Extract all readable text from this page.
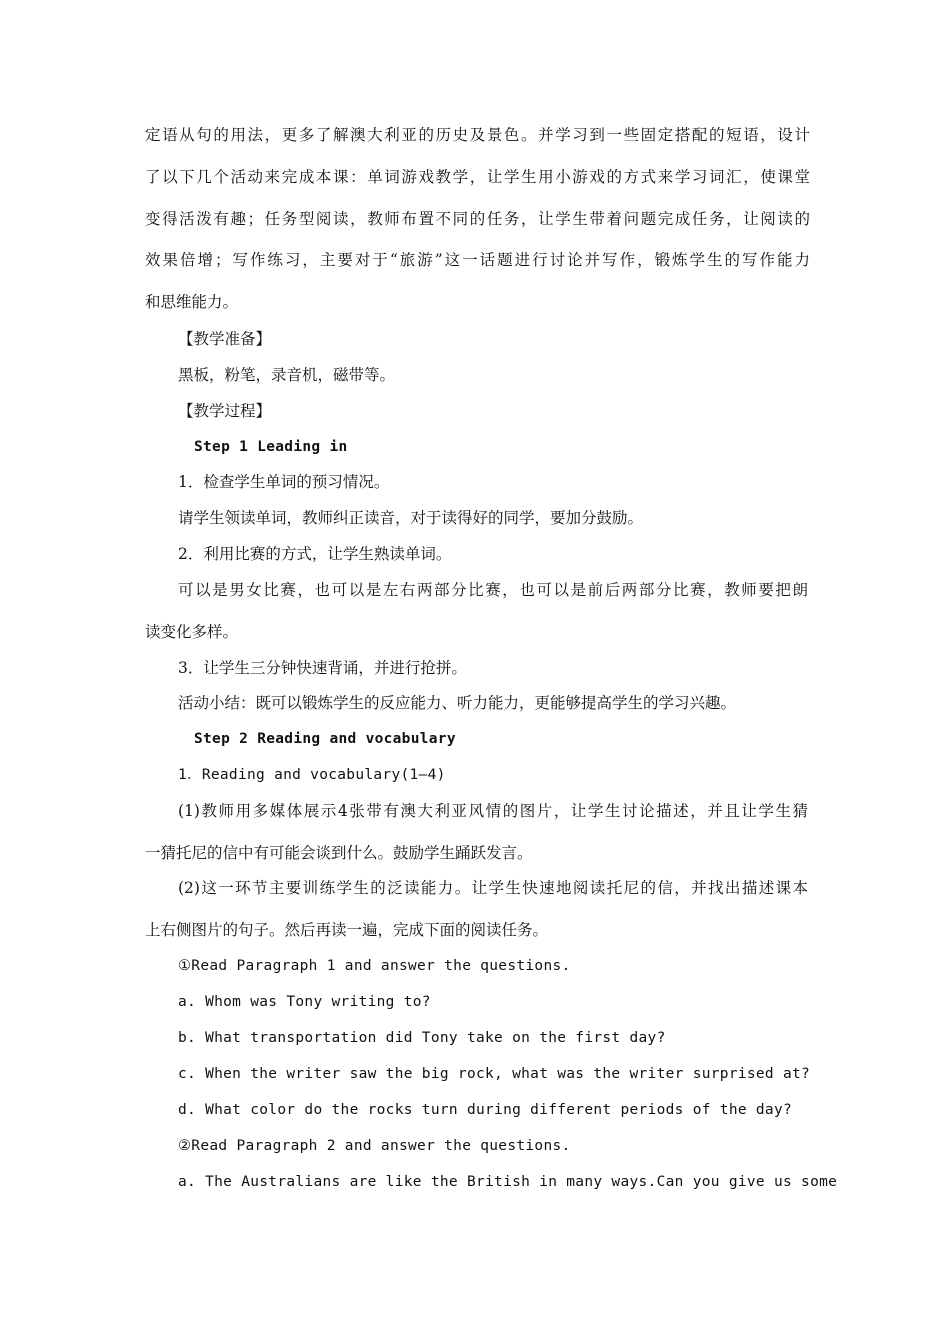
定语从句的用法，更多了解澳大利亚的历史及景色。并学习到一些固定搭配的短语，设计
了以下几个活动来完成本课：单词游戏教学，让学生用小游戏的方式来学习词汇，使课堂
变得活泼有趣；任务型阅读，教师布置不同的任务，让学生带着问题完成任务，让阅读的
效果倍增；写作练习，主要对于“旅游”这一话题进行讨论并写作，锻炼学生的写作能力
和思维能力。
【教学准备】
黑板，粉笔，录音机，磁带等。
【教学过程】
Step 1 Leading in
1．检查学生单词的预习情况。
请学生领读单词，教师纠正读音，对于读得好的同学，要加分鼓励。
2．利用比赛的方式，让学生熟读单词。
可以是男女比赛，也可以是左右两部分比赛，也可以是前后两部分比赛，教师要把朗
读变化多样。
3．让学生三分钟快速背诵，并进行抢拼。
活动小结：既可以锻炼学生的反应能力、听力能力，更能够提高学生的学习兴趣。
Step 2 Reading and vocabulary
1．Reading and vocabulary(1—4)
(1)教师用多媒体展示4张带有澳大利亚风情的图片，让学生讨论描述，并且让学生猜
一猜托尼的信中有可能会谈到什么。鼓励学生踊跃发言。
(2)这一环节主要训练学生的泛读能力。让学生快速地阅读托尼的信，并找出描述课本
上右侧图片的句子。然后再读一遍，完成下面的阅读任务。
①Read Paragraph 1 and answer the questions.
a. Whom was Tony writing to?
b. What transportation did Tony take on the first day?
c. When the writer saw the big rock, what was the writer surprised at?
d. What color do the rocks turn during different periods of the day?
②Read Paragraph 2 and answer the questions.
a. The Australians are like the British in many ways.Can you give us some
